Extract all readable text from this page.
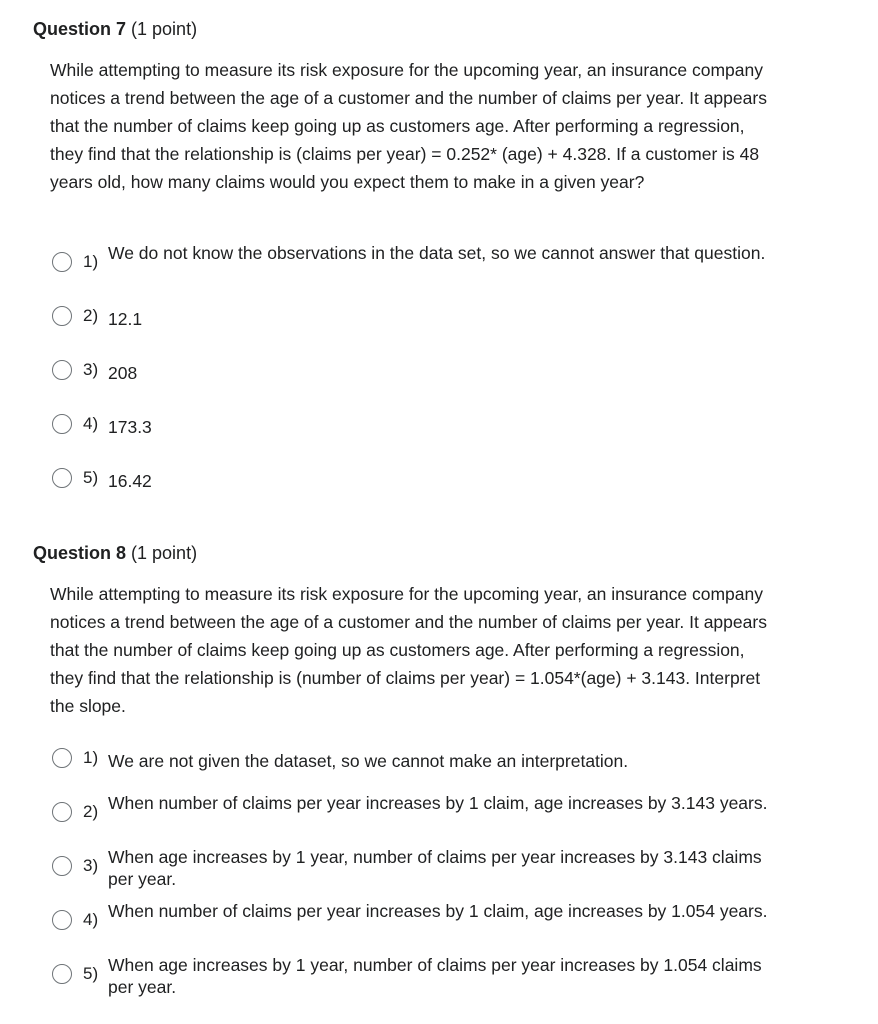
Question 7 (1 point)

While attempting to measure its risk exposure for the upcoming year, an insurance company notices a trend between the age of a customer and the number of claims per year. It appears that the number of claims keep going up as customers age. After performing a regression, they find that the relationship is (claims per year) = 0.252* (age) + 4.328. If a customer is 48 years old, how many claims would you expect them to make in a given year?

1) We do not know the observations in the data set, so we cannot answer that question.
2) 12.1
3) 208
4) 173.3
5) 16.42
Question 8 (1 point)

While attempting to measure its risk exposure for the upcoming year, an insurance company notices a trend between the age of a customer and the number of claims per year. It appears that the number of claims keep going up as customers age. After performing a regression, they find that the relationship is (number of claims per year) = 1.054*(age) + 3.143. Interpret the slope.

1) We are not given the dataset, so we cannot make an interpretation.
2) When number of claims per year increases by 1 claim, age increases by 3.143 years.
3) When age increases by 1 year, number of claims per year increases by 3.143 claims per year.
4) When number of claims per year increases by 1 claim, age increases by 1.054 years.
5) When age increases by 1 year, number of claims per year increases by 1.054 claims per year.
